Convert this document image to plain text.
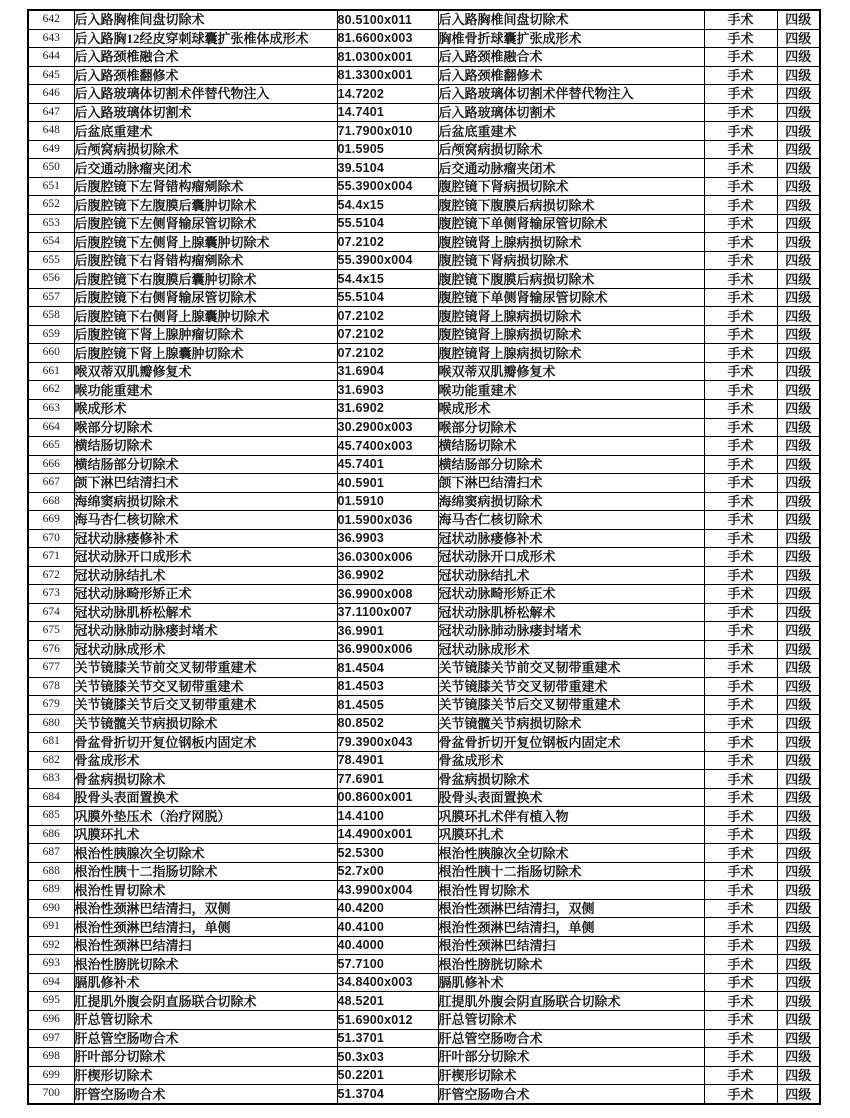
642	后入路胸椎间盘切除术	80.5100x011	后入路胸椎间盘切除术	手术	四级
643	后入路胸12经皮穿刺球囊扩张椎体成形术	81.6600x003	胸椎骨折球囊扩张成形术	手术	四级
644	后入路颈椎融合术	81.0300x001	后入路颈椎融合术	手术	四级
645	后入路颈椎翻修术	81.3300x001	后入路颈椎翻修术	手术	四级
646	后入路玻璃体切割术伴替代物注入	14.7202	后入路玻璃体切割术伴替代物注入	手术	四级
647	后入路玻璃体切割术	14.7401	后入路玻璃体切割术	手术	四级
648	后盆底重建术	71.7900x010	后盆底重建术	手术	四级
649	后颅窝病损切除术	01.5905	后颅窝病损切除术	手术	四级
650	后交通动脉瘤夹闭术	39.5104	后交通动脉瘤夹闭术	手术	四级
651	后腹腔镜下左肾错构瘤剜除术	55.3900x004	腹腔镜下肾病损切除术	手术	四级
652	后腹腔镜下左腹膜后囊肿切除术	54.4x15	腹腔镜下腹膜后病损切除术	手术	四级
653	后腹腔镜下左侧肾输尿管切除术	55.5104	腹腔镜下单侧肾输尿管切除术	手术	四级
654	后腹腔镜下左侧肾上腺囊肿切除术	07.2102	腹腔镜肾上腺病损切除术	手术	四级
655	后腹腔镜下右肾错构瘤剜除术	55.3900x004	腹腔镜下肾病损切除术	手术	四级
656	后腹腔镜下右腹膜后囊肿切除术	54.4x15	腹腔镜下腹膜后病损切除术	手术	四级
657	后腹腔镜下右侧肾输尿管切除术	55.5104	腹腔镜下单侧肾输尿管切除术	手术	四级
658	后腹腔镜下右侧肾上腺囊肿切除术	07.2102	腹腔镜肾上腺病损切除术	手术	四级
659	后腹腔镜下肾上腺肿瘤切除术	07.2102	腹腔镜肾上腺病损切除术	手术	四级
660	后腹腔镜下肾上腺囊肿切除术	07.2102	腹腔镜肾上腺病损切除术	手术	四级
661	喉双蒂双肌瓣修复术	31.6904	喉双蒂双肌瓣修复术	手术	四级
662	喉功能重建术	31.6903	喉功能重建术	手术	四级
663	喉成形术	31.6902	喉成形术	手术	四级
664	喉部分切除术	30.2900x003	喉部分切除术	手术	四级
665	横结肠切除术	45.7400x003	横结肠切除术	手术	四级
666	横结肠部分切除术	45.7401	横结肠部分切除术	手术	四级
667	颌下淋巴结清扫术	40.5901	颌下淋巴结清扫术	手术	四级
668	海绵窦病损切除术	01.5910	海绵窦病损切除术	手术	四级
669	海马杏仁核切除术	01.5900x036	海马杏仁核切除术	手术	四级
670	冠状动脉瘘修补术	36.9903	冠状动脉瘘修补术	手术	四级
671	冠状动脉开口成形术	36.0300x006	冠状动脉开口成形术	手术	四级
672	冠状动脉结扎术	36.9902	冠状动脉结扎术	手术	四级
673	冠状动脉畸形矫正术	36.9900x008	冠状动脉畸形矫正术	手术	四级
674	冠状动脉肌桥松解术	37.1100x007	冠状动脉肌桥松解术	手术	四级
675	冠状动脉肺动脉瘘封堵术	36.9901	冠状动脉肺动脉瘘封堵术	手术	四级
676	冠状动脉成形术	36.9900x006	冠状动脉成形术	手术	四级
677	关节镜膝关节前交叉韧带重建术	81.4504	关节镜膝关节前交叉韧带重建术	手术	四级
678	关节镜膝关节交叉韧带重建术	81.4503	关节镜膝关节交叉韧带重建术	手术	四级
679	关节镜膝关节后交叉韧带重建术	81.4505	关节镜膝关节后交叉韧带重建术	手术	四级
680	关节镜髋关节病损切除术	80.8502	关节镜髋关节病损切除术	手术	四级
681	骨盆骨折切开复位钢板内固定术	79.3900x043	骨盆骨折切开复位钢板内固定术	手术	四级
682	骨盆成形术	78.4901	骨盆成形术	手术	四级
683	骨盆病损切除术	77.6901	骨盆病损切除术	手术	四级
684	股骨头表面置换术	00.8600x001	股骨头表面置换术	手术	四级
685	巩膜外垫压术（治疗网脱）	14.4100	巩膜环扎术伴有植入物	手术	四级
686	巩膜环扎术	14.4900x001	巩膜环扎术	手术	四级
687	根治性胰腺次全切除术	52.5300	根治性胰腺次全切除术	手术	四级
688	根治性胰十二指肠切除术	52.7x00	根治性胰十二指肠切除术	手术	四级
689	根治性胃切除术	43.9900x004	根治性胃切除术	手术	四级
690	根治性颈淋巴结清扫，双侧	40.4200	根治性颈淋巴结清扫，双侧	手术	四级
691	根治性颈淋巴结清扫，单侧	40.4100	根治性颈淋巴结清扫，单侧	手术	四级
692	根治性颈淋巴结清扫	40.4000	根治性颈淋巴结清扫	手术	四级
693	根治性膀胱切除术	57.7100	根治性膀胱切除术	手术	四级
694	膈肌修补术	34.8400x003	膈肌修补术	手术	四级
695	肛提肌外腹会阴直肠联合切除术	48.5201	肛提肌外腹会阴直肠联合切除术	手术	四级
696	肝总管切除术	51.6900x012	肝总管切除术	手术	四级
697	肝总管空肠吻合术	51.3701	肝总管空肠吻合术	手术	四级
698	肝叶部分切除术	50.3x03	肝叶部分切除术	手术	四级
699	肝楔形切除术	50.2201	肝楔形切除术	手术	四级
700	肝管空肠吻合术	51.3704	肝管空肠吻合术	手术	四级
